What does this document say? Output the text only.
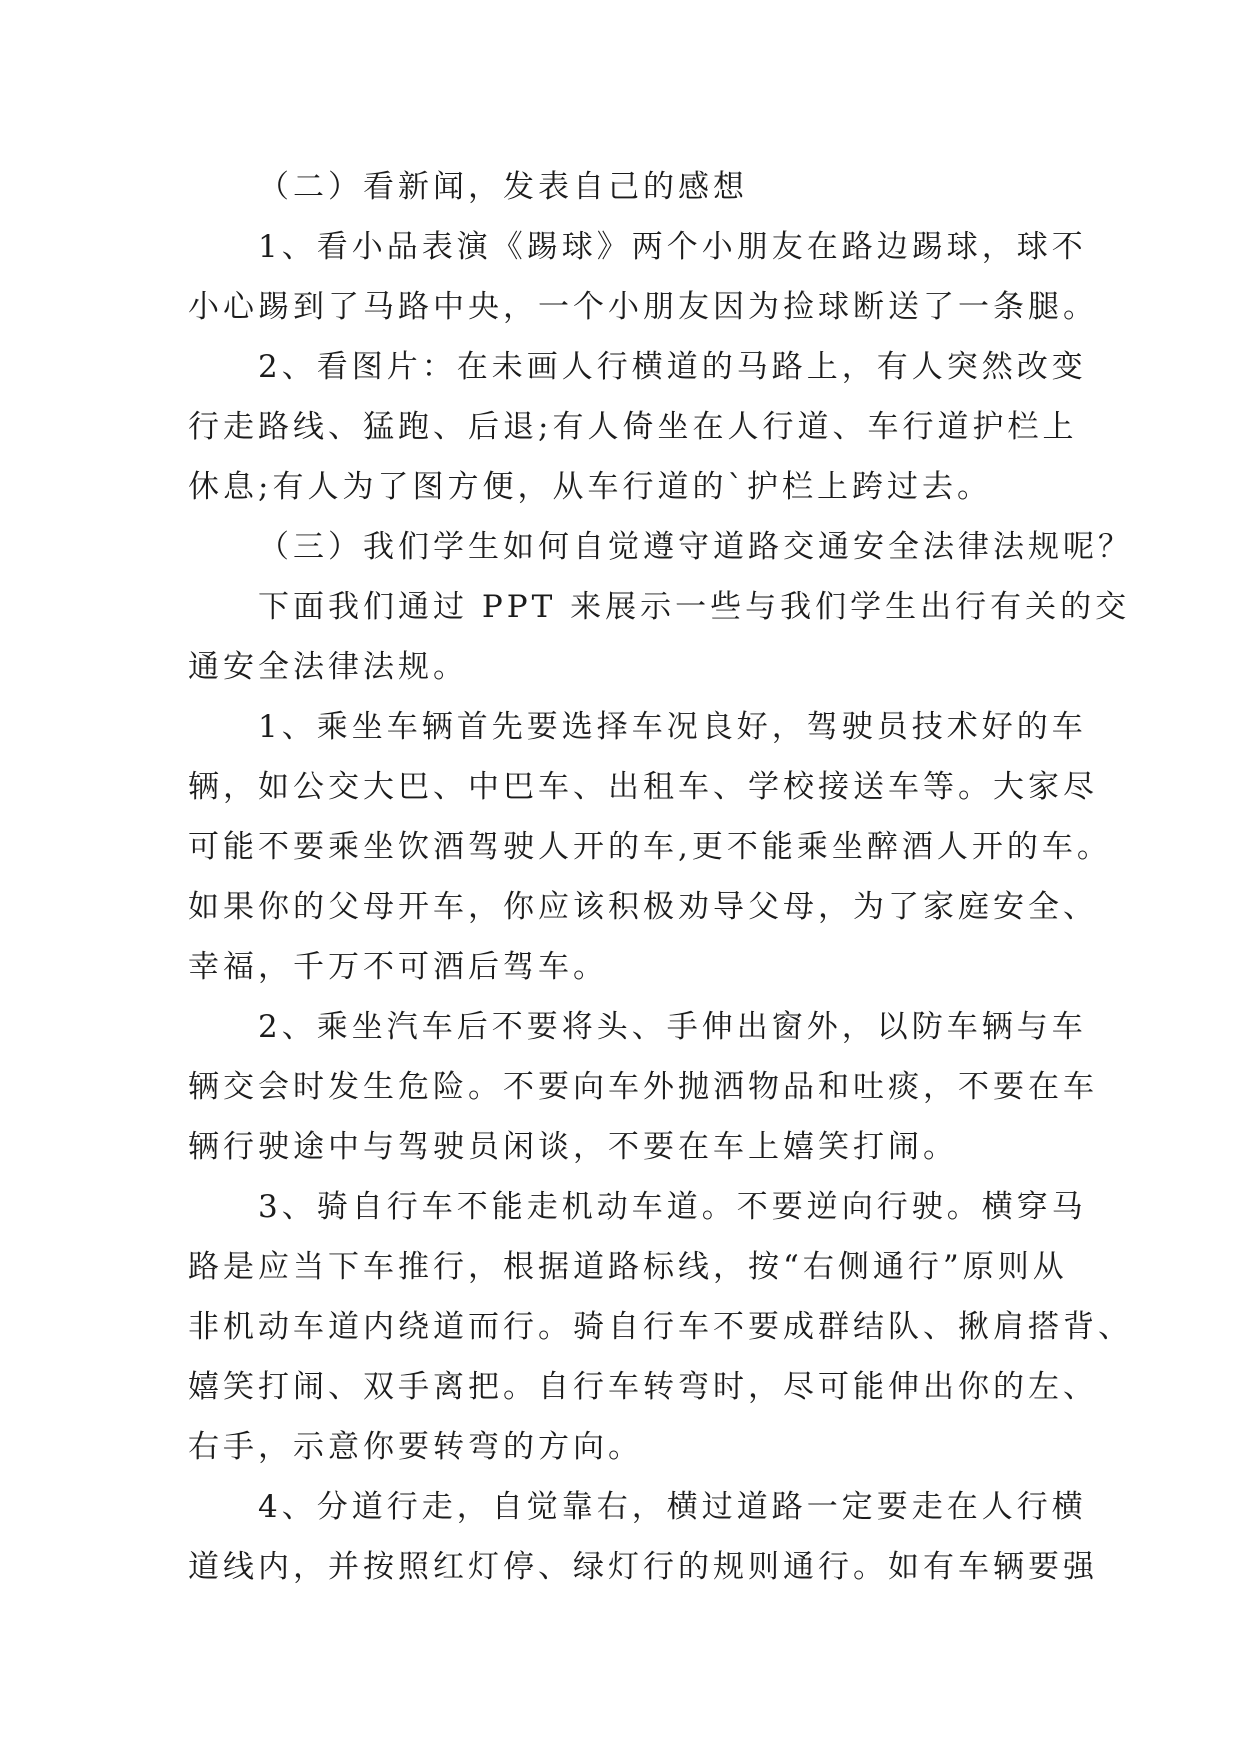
（二）看新闻，发表自己的感想
1、看小品表演《踢球》两个小朋友在路边踢球，球不
小心踢到了马路中央，一个小朋友因为捡球断送了一条腿。
2、看图片：在未画人行横道的马路上，有人突然改变
行走路线、猛跑、后退;有人倚坐在人行道、车行道护栏上
休息;有人为了图方便，从车行道的`护栏上跨过去。
（三）我们学生如何自觉遵守道路交通安全法律法规呢？
下面我们通过 PPT 来展示一些与我们学生出行有关的交
通安全法律法规。
1、乘坐车辆首先要选择车况良好，驾驶员技术好的车
辆，如公交大巴、中巴车、出租车、学校接送车等。大家尽
可能不要乘坐饮酒驾驶人开的车,更不能乘坐醉酒人开的车。
如果你的父母开车，你应该积极劝导父母，为了家庭安全、
幸福，千万不可酒后驾车。
2、乘坐汽车后不要将头、手伸出窗外，以防车辆与车
辆交会时发生危险。不要向车外抛洒物品和吐痰，不要在车
辆行驶途中与驾驶员闲谈，不要在车上嬉笑打闹。
3、骑自行车不能走机动车道。不要逆向行驶。横穿马
路是应当下车推行，根据道路标线，按“右侧通行”原则从
非机动车道内绕道而行。骑自行车不要成群结队、揪肩搭背、
嬉笑打闹、双手离把。自行车转弯时，尽可能伸出你的左、
右手，示意你要转弯的方向。
4、分道行走，自觉靠右，横过道路一定要走在人行横
道线内，并按照红灯停、绿灯行的规则通行。如有车辆要强
